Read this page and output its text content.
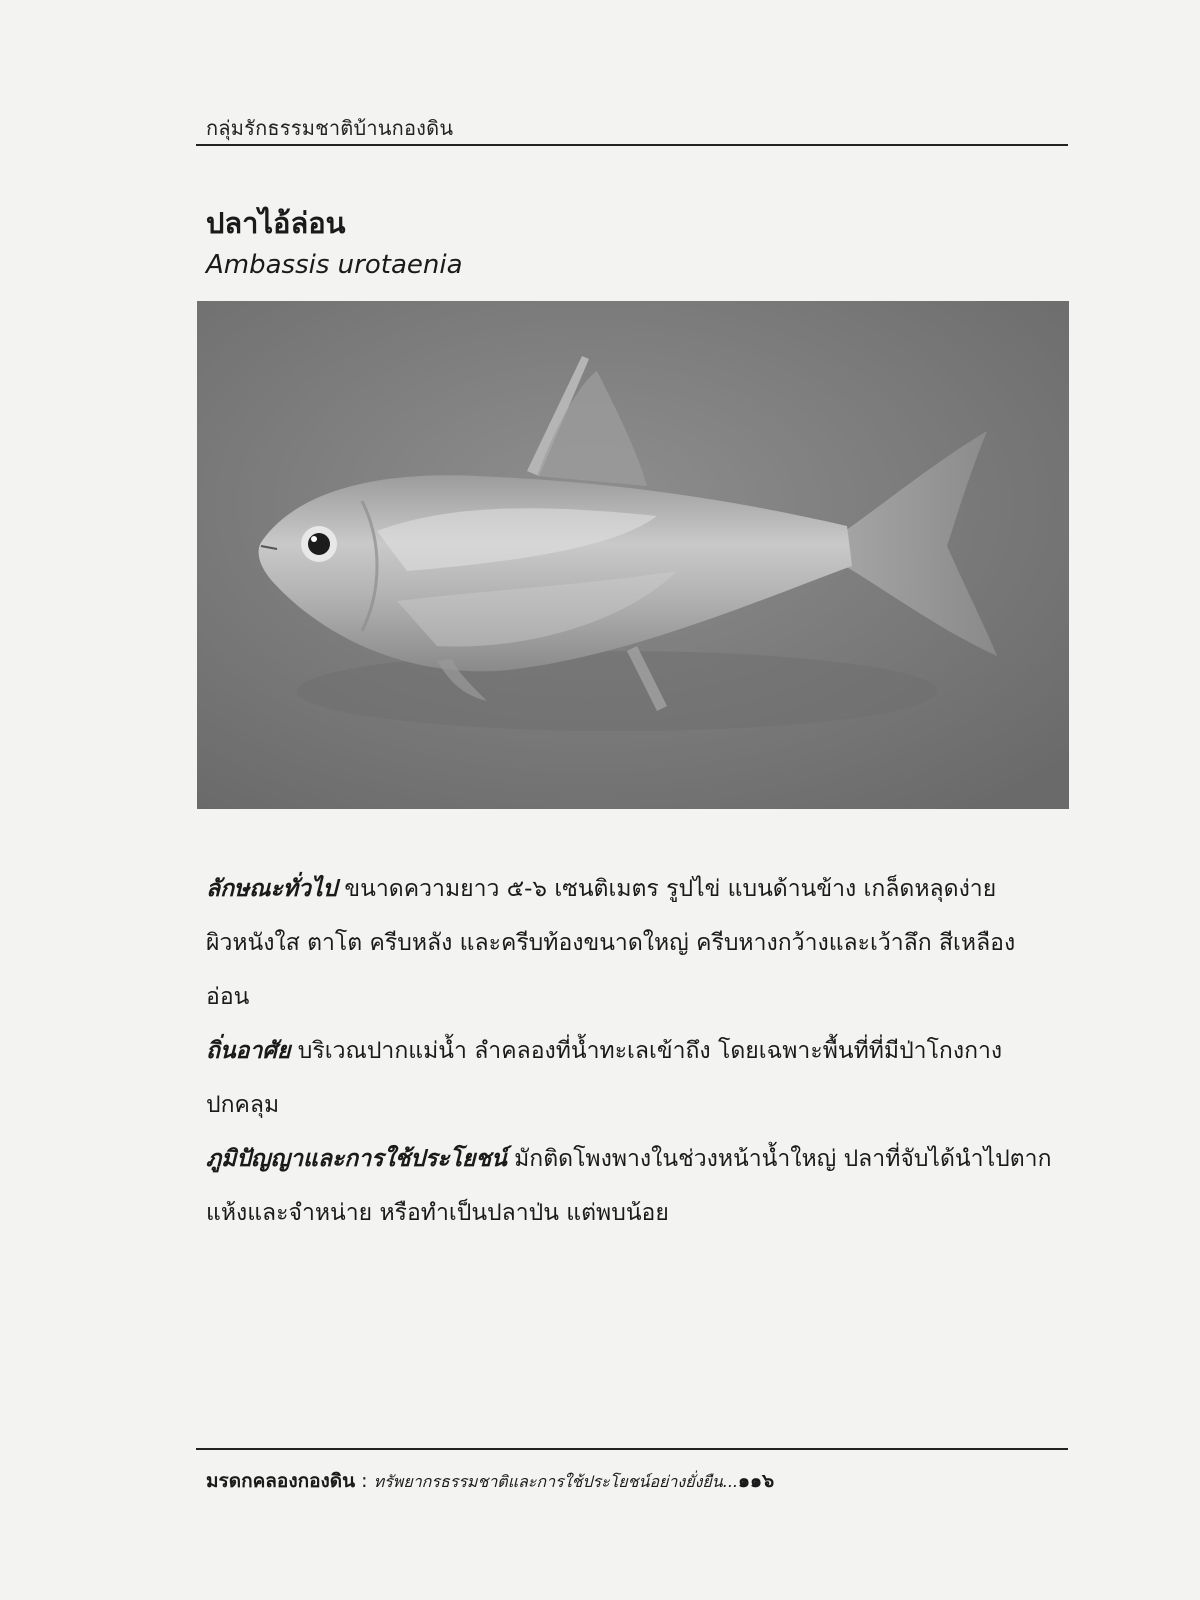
กลุ่มรักธรรมชาติบ้านกองดิน
ปลาไอ้ล่อน
Ambassis urotaenia

ลักษณะทั่วไป ขนาดความยาว ๕-๖ เซนติเมตร รูปไข่ แบนด้านข้าง เกล็ดหลุดง่าย ผิวหนังใส ตาโต ครีบหลัง และครีบท้องขนาดใหญ่ ครีบหางกว้างและเว้าลึก สีเหลืองอ่อน

ถิ่นอาศัย บริเวณปากแม่น้ำ ลำคลองที่น้ำทะเลเข้าถึง โดยเฉพาะพื้นที่ที่มีป่าโกงกางปกคลุม

ภูมิปัญญาและการใช้ประโยชน์ มักติดโพงพางในช่วงหน้าน้ำใหญ่ ปลาที่จับได้นำไปตากแห้งและจำหน่าย หรือทำเป็นปลาป่น แต่พบน้อย

มรดกคลองกองดิน : ทรัพยากรธรรมชาติและการใช้ประโยชน์อย่างยั่งยืน...๑๑๖
